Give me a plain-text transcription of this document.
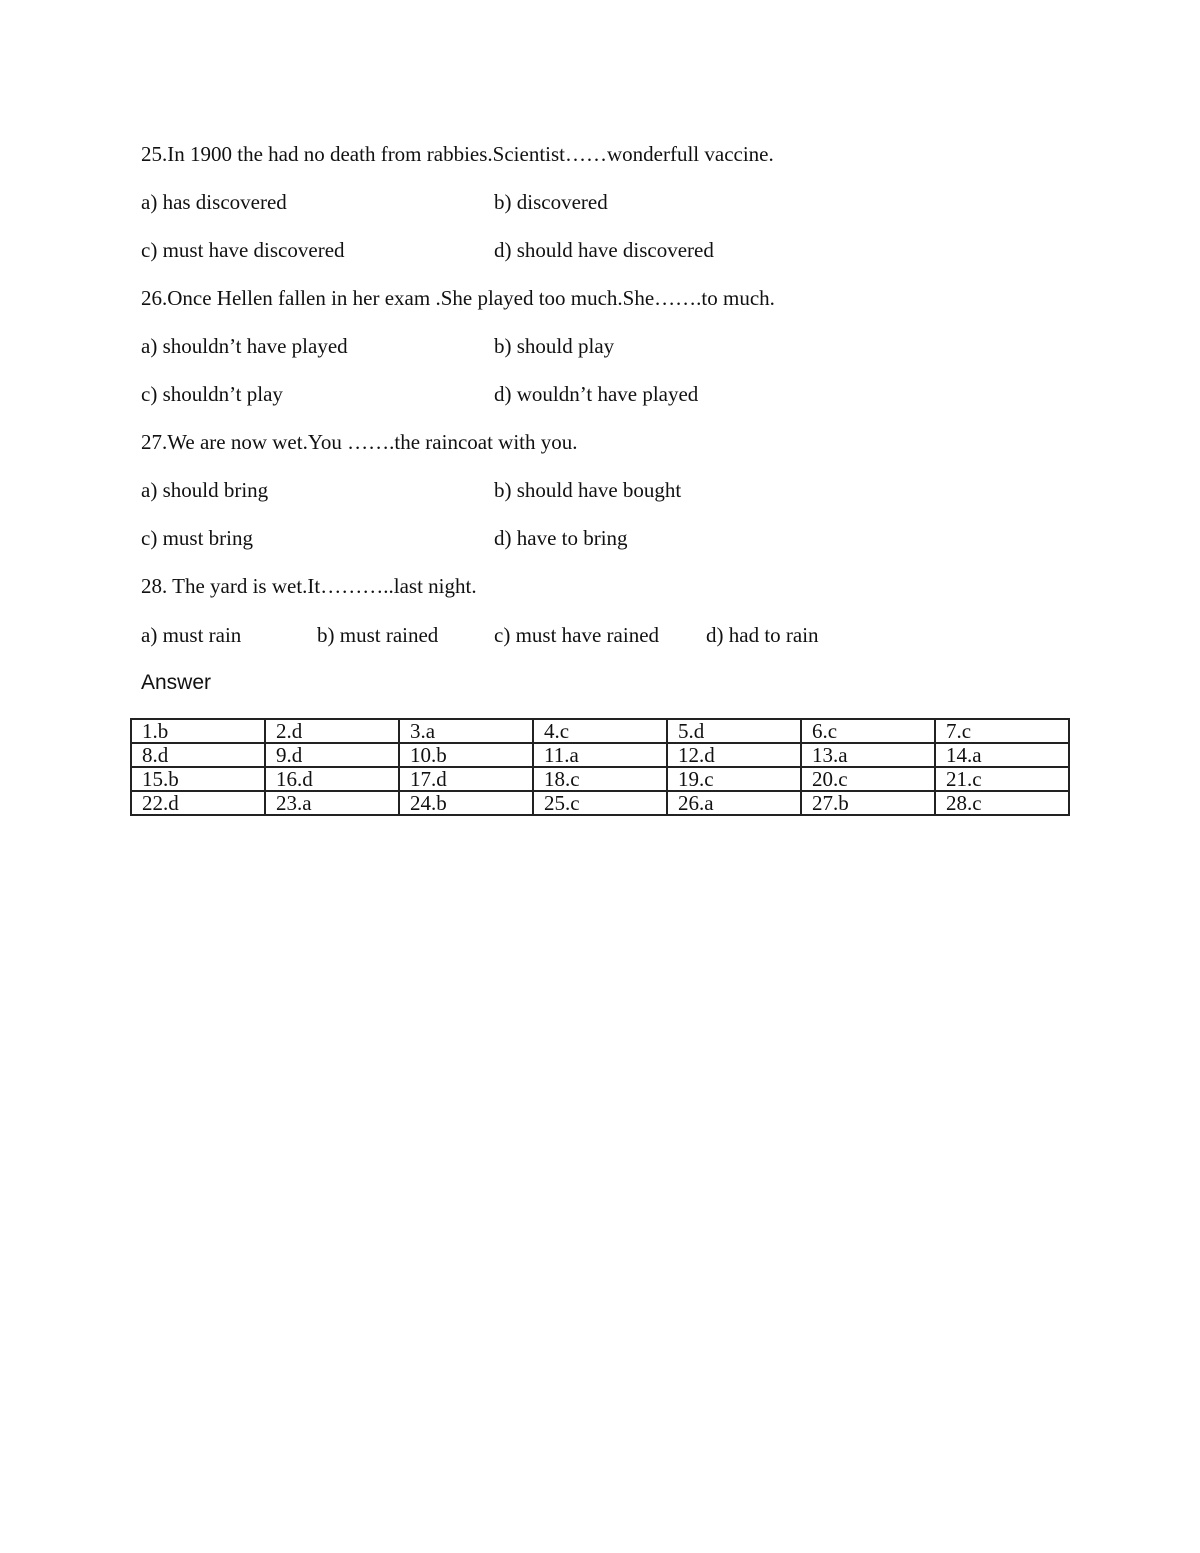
25.In 1900 the had no death from rabbies.Scientist……wonderfull vaccine.
a) has discovered	b) discovered
c) must have discovered	d) should have discovered
26.Once Hellen fallen in her exam .She played too much.She…….to much.
a) shouldn’t have played	b) should play
c) shouldn’t play	d) wouldn’t have played
27.We are now wet.You …….the raincoat with you.
a) should bring	b) should have bought
c) must bring	d) have to bring
28. The yard is wet.It………..last night.
a) must rain	b) must rained	c) must have rained d) had to rain
Answer
1.b	2.d	3.a	4.c	5.d	6.c	7.c
8.d	9.d	10.b	11.a	12.d	13.a	14.a
15.b	16.d	17.d	18.c	19.c	20.c	21.c
22.d	23.a	24.b	25.c	26.a	27.b	28.c
